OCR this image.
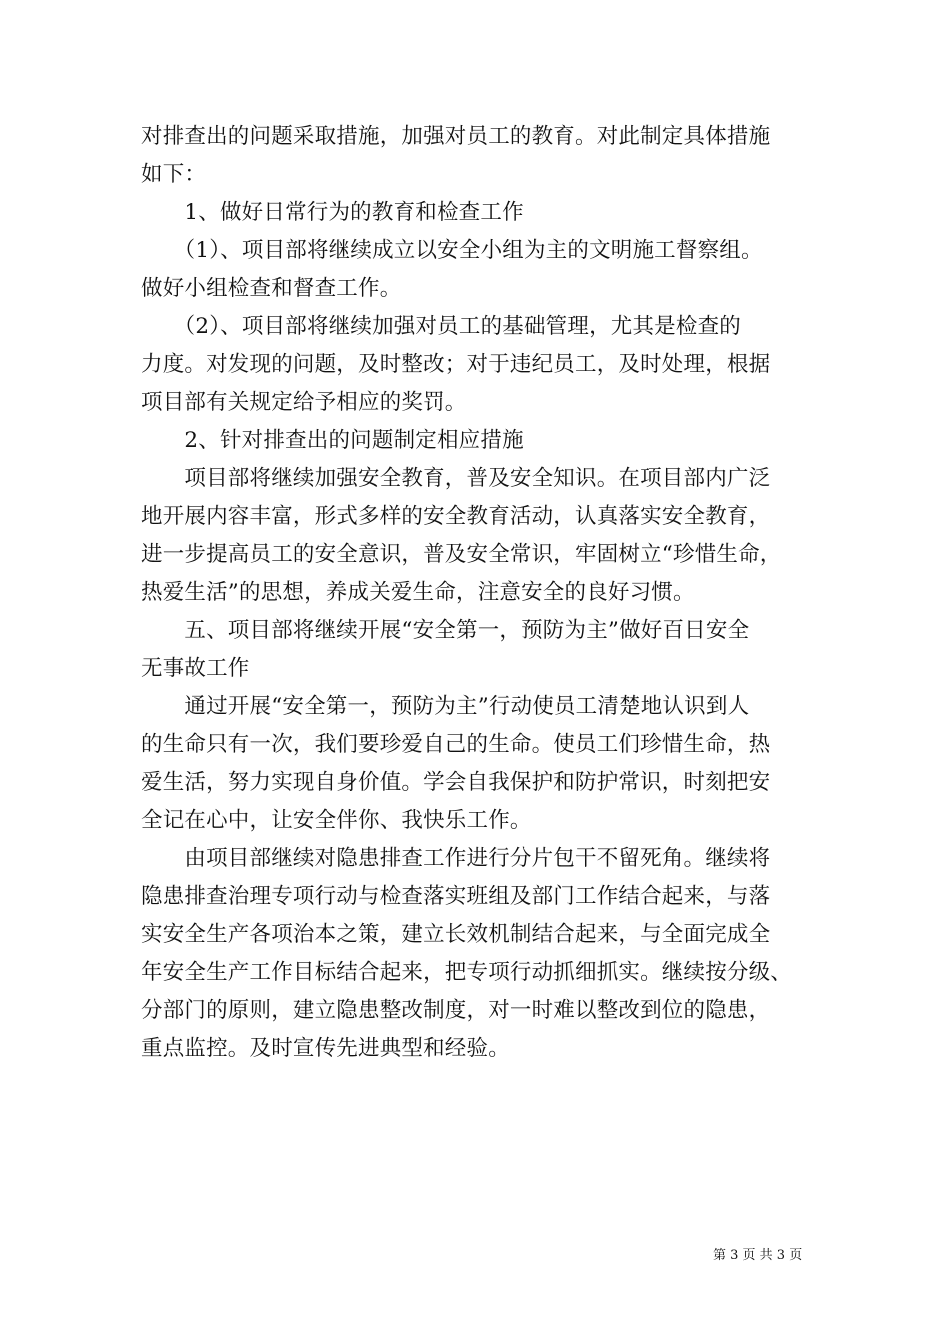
对排查出的问题采取措施，加强对员工的教育。对此制定具体措施
如下：
　　1、做好日常行为的教育和检查工作
　　（1）、项目部将继续成立以安全小组为主的文明施工督察组。
做好小组检查和督查工作。
　　（2）、项目部将继续加强对员工的基础管理，尤其是检查的
力度。对发现的问题，及时整改；对于违纪员工，及时处理，根据
项目部有关规定给予相应的奖罚。
　　2、针对排查出的问题制定相应措施
　　项目部将继续加强安全教育，普及安全知识。在项目部内广泛
地开展内容丰富，形式多样的安全教育活动，认真落实安全教育，
进一步提高员工的安全意识，普及安全常识，牢固树立“珍惜生命，
热爱生活”的思想，养成关爱生命，注意安全的良好习惯。
　　五、项目部将继续开展“安全第一，预防为主”做好百日安全
无事故工作
　　通过开展“安全第一，预防为主”行动使员工清楚地认识到人
的生命只有一次，我们要珍爱自己的生命。使员工们珍惜生命，热
爱生活，努力实现自身价值。学会自我保护和防护常识，时刻把安
全记在心中，让安全伴你、我快乐工作。
　　由项目部继续对隐患排查工作进行分片包干不留死角。继续将
隐患排查治理专项行动与检查落实班组及部门工作结合起来，与落
实安全生产各项治本之策，建立长效机制结合起来，与全面完成全
年安全生产工作目标结合起来，把专项行动抓细抓实。继续按分级、
分部门的原则，建立隐患整改制度，对一时难以整改到位的隐患，
重点监控。及时宣传先进典型和经验。
第 3 页 共 3 页
